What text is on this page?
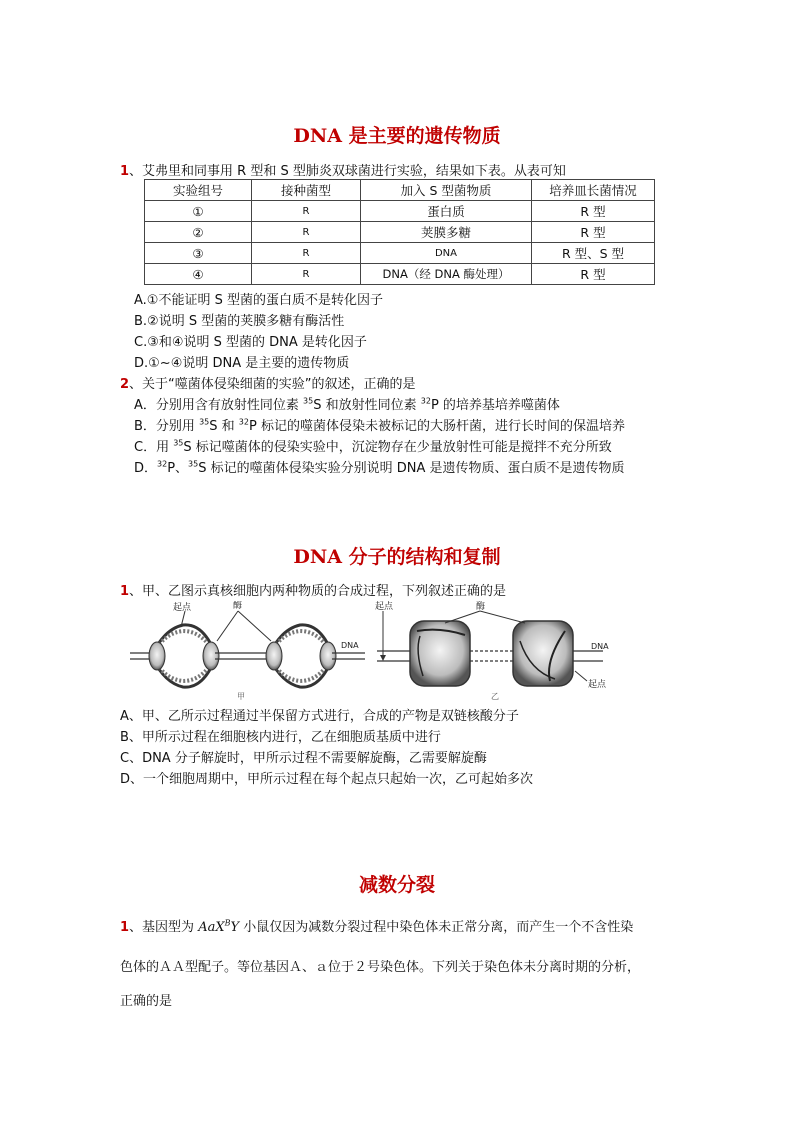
DNA 是主要的遗传物质
1、艾弗里和同事用 R 型和 S 型肺炎双球菌进行实验，结果如下表。从表可知
实验组号	接种菌型	加入 S 型菌物质	培养皿长菌情况
①	R	蛋白质	R 型
②	R	荚膜多糖	R 型
③	R	DNA	R 型、S 型
④	R	DNA（经 DNA 酶处理）	R 型
A.①不能证明 S 型菌的蛋白质不是转化因子
B.②说明 S 型菌的荚膜多糖有酶活性
C.③和④说明 S 型菌的 DNA 是转化因子
D.①~④说明 DNA 是主要的遗传物质
2、关于“噬菌体侵染细菌的实验”的叙述，正确的是
A．分别用含有放射性同位素 $^{35}$S 和放射性同位素 $^{32}$P 的培养基培养噬菌体
B．分别用 $^{35}$S 和 $^{32}$P 标记的噬菌体侵染未被标记的大肠杆菌，进行长时间的保温培养
C．用 $^{35}$S 标记噬菌体的侵染实验中，沉淀物存在少量放射性可能是搅拌不充分所致
D．$^{32}$P、$^{35}$S 标记的噬菌体侵染实验分别说明 DNA 是遗传物质、蛋白质不是遗传物质
DNA 分子的结构和复制
1、甲、乙图示真核细胞内两种物质的合成过程，下列叙述正确的是
起点	酶
DNA
甲
起点	酶
DNA
起点
乙
A、甲、乙所示过程通过半保留方式进行，合成的产物是双链核酸分子
B、甲所示过程在细胞核内进行，乙在细胞质基质中进行
C、DNA 分子解旋时，甲所示过程不需要解旋酶，乙需要解旋酶
D、一个细胞周期中，甲所示过程在每个起点只起始一次，乙可起始多次
减数分裂
1、基因型为 AaX$^B$Y 小鼠仅因为减数分裂过程中染色体未正常分离，而产生一个不含性染
色体的ＡＡ型配子。等位基因Ａ、ａ位于２号染色体。下列关于染色体未分离时期的分析，
正确的是
